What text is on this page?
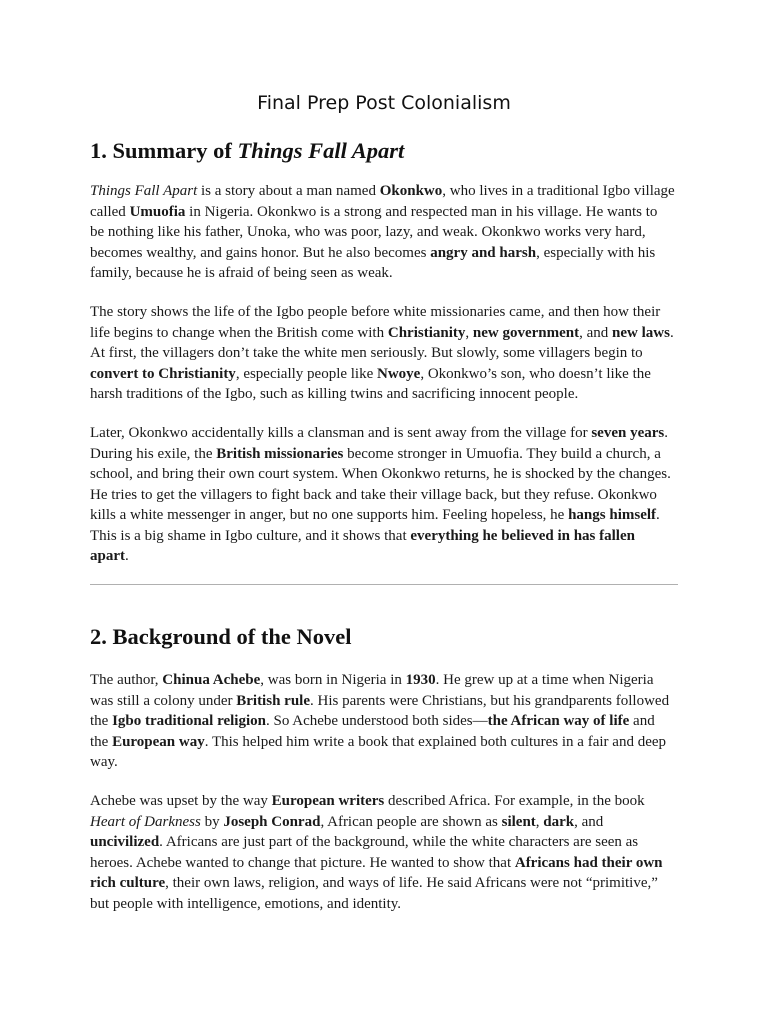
Final Prep Post Colonialism
1. Summary of Things Fall Apart

Things Fall Apart is a story about a man named Okonkwo, who lives in a traditional Igbo village
called Umuofia in Nigeria. Okonkwo is a strong and respected man in his village. He wants to
be nothing like his father, Unoka, who was poor, lazy, and weak. Okonkwo works very hard,
becomes wealthy, and gains honor. But he also becomes angry and harsh, especially with his
family, because he is afraid of being seen as weak.

The story shows the life of the Igbo people before white missionaries came, and then how their
life begins to change when the British come with Christianity, new government, and new laws.
At first, the villagers don’t take the white men seriously. But slowly, some villagers begin to
convert to Christianity, especially people like Nwoye, Okonkwo’s son, who doesn’t like the
harsh traditions of the Igbo, such as killing twins and sacrificing innocent people.

Later, Okonkwo accidentally kills a clansman and is sent away from the village for seven years.
During his exile, the British missionaries become stronger in Umuofia. They build a church, a
school, and bring their own court system. When Okonkwo returns, he is shocked by the changes.
He tries to get the villagers to fight back and take their village back, but they refuse. Okonkwo
kills a white messenger in anger, but no one supports him. Feeling hopeless, he hangs himself.
This is a big shame in Igbo culture, and it shows that everything he believed in has fallen
apart.

2. Background of the Novel

The author, Chinua Achebe, was born in Nigeria in 1930. He grew up at a time when Nigeria
was still a colony under British rule. His parents were Christians, but his grandparents followed
the Igbo traditional religion. So Achebe understood both sides—the African way of life and
the European way. This helped him write a book that explained both cultures in a fair and deep
way.

Achebe was upset by the way European writers described Africa. For example, in the book
Heart of Darkness by Joseph Conrad, African people are shown as silent, dark, and
uncivilized. Africans are just part of the background, while the white characters are seen as
heroes. Achebe wanted to change that picture. He wanted to show that Africans had their own
rich culture, their own laws, religion, and ways of life. He said Africans were not “primitive,”
but people with intelligence, emotions, and identity.
